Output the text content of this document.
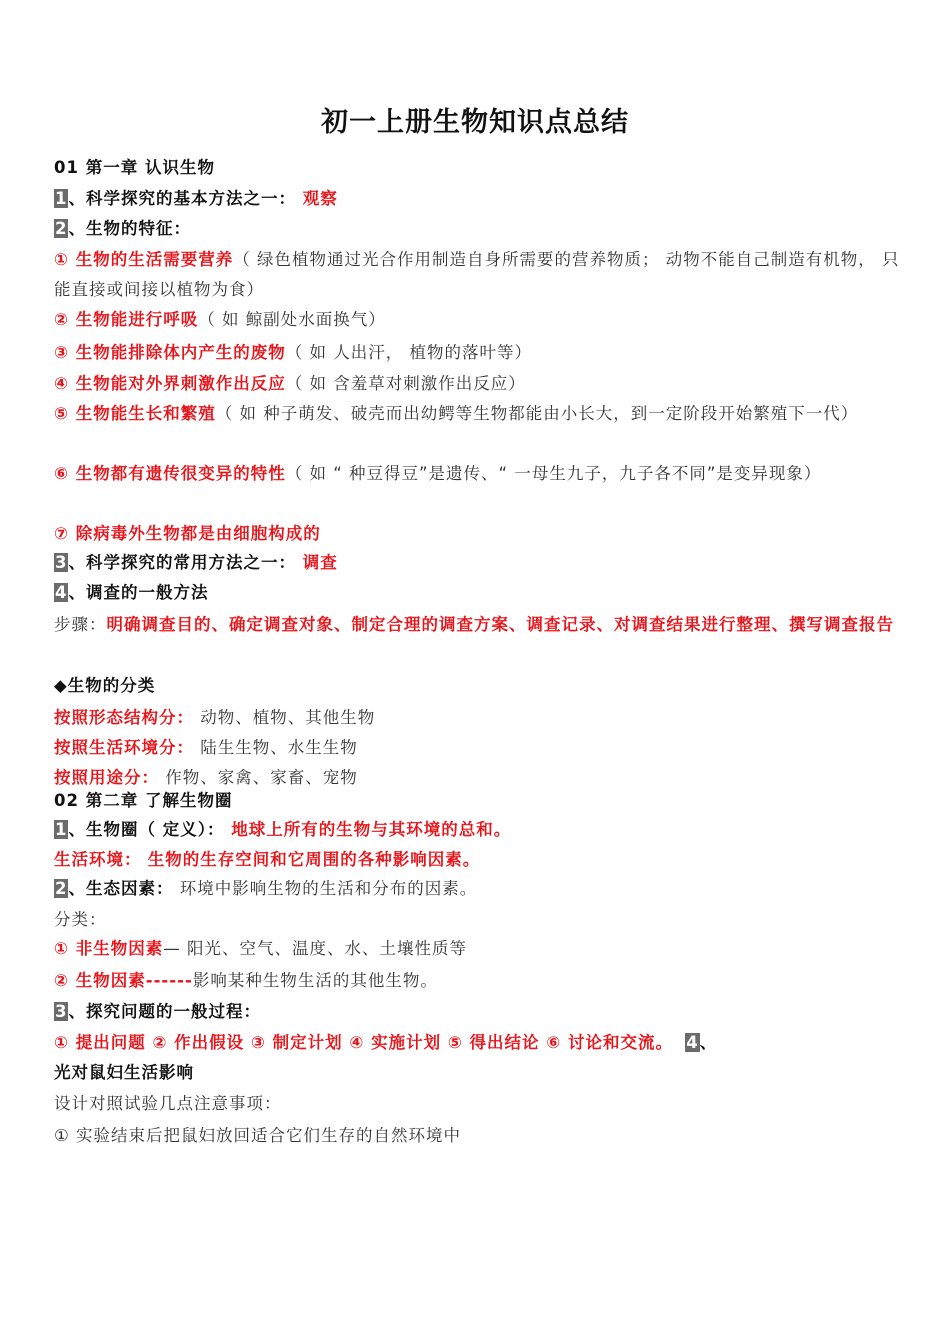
初一上册生物知识点总结

01 第一章 认识生物

1、科学探究的基本方法之一： 观察

2、生物的特征：

① 生物的生活需要营养（ 绿色植物通过光合作用制造自身所需要的营养物质； 动物不能自己制造有机物， 只能直接或间接以植物为食）

② 生物能进行呼吸（ 如 鲸副处水面换气）

③ 生物能排除体内产生的废物（ 如 人出汗， 植物的落叶等）

④ 生物能对外界刺激作出反应（ 如 含羞草对刺激作出反应）

⑤ 生物能生长和繁殖（ 如 种子萌发、破壳而出幼鳄等生物都能由小长大，到一定阶段开始繁殖下一代）

⑥ 生物都有遗传很变异的特性（ 如 “ 种豆得豆”是遗传、“ 一母生九子，九子各不同”是变异现象）

⑦ 除病毒外生物都是由细胞构成的

3、科学探究的常用方法之一： 调查

4、调查的一般方法

步骤：明确调查目的、确定调查对象、制定合理的调查方案、调查记录、对调查结果进行整理、撰写调查报告

◆生物的分类

按照形态结构分： 动物、植物、其他生物

按照生活环境分： 陆生生物、水生生物

按照用途分： 作物、家禽、家畜、宠物

02 第二章 了解生物圈

1、生物圈（ 定义）： 地球上所有的生物与其环境的总和。

生活环境： 生物的生存空间和它周围的各种影响因素。

2、生态因素： 环境中影响生物的生活和分布的因素。

分类：

① 非生物因素— 阳光、空气、温度、水、土壤性质等

② 生物因素------影响某种生物生活的其他生物。

3、探究问题的一般过程：

① 提出问题 ② 作出假设 ③ 制定计划 ④ 实施计划 ⑤ 得出结论 ⑥ 讨论和交流。 4、

光对鼠妇生活影响

设计对照试验几点注意事项：

① 实验结束后把鼠妇放回适合它们生存的自然环境中
